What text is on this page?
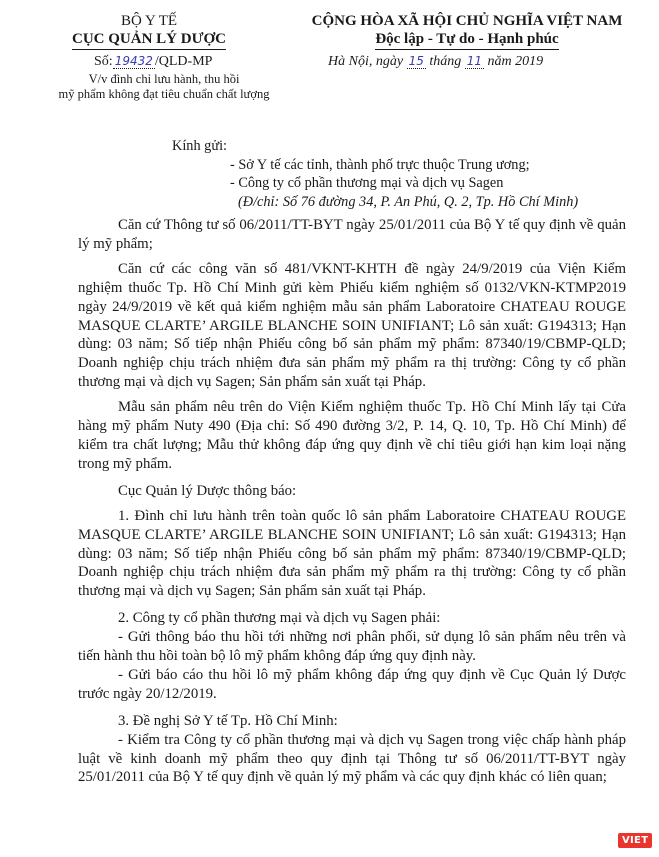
BỘ Y TẾ
CỤC QUẢN LÝ DƯỢC
Số: 19432 /QLD-MP
V/v đình chỉ lưu hành, thu hồi
mỹ phẩm không đạt tiêu chuẩn chất lượng
CỘNG HÒA XÃ HỘI CHỦ NGHĨA VIỆT NAM
Độc lập - Tự do - Hạnh phúc
Hà Nội, ngày 15 tháng 11 năm 2019
Kính gửi:
- Sở Y tế các tỉnh, thành phố trực thuộc Trung ương;
- Công ty cổ phần thương mại và dịch vụ Sagen
(Đ/chỉ: Số 76 đường 34, P. An Phú, Q. 2, Tp. Hồ Chí Minh)

Căn cứ Thông tư số 06/2011/TT-BYT ngày 25/01/2011 của Bộ Y tế quy định về quản lý mỹ phẩm;

Căn cứ các công văn số 481/VKNT-KHTH đề ngày 24/9/2019 của Viện Kiểm nghiệm thuốc Tp. Hồ Chí Minh gửi kèm Phiếu kiểm nghiệm số 0132/VKN-KTMP2019 ngày 24/9/2019 về kết quả kiểm nghiệm mẫu sản phẩm Laboratoire CHATEAU ROUGE MASQUE CLARTE’ ARGILE BLANCHE SOIN UNIFIANT; Lô sản xuất: G194313; Hạn dùng: 03 năm; Số tiếp nhận Phiếu công bố sản phẩm mỹ phẩm: 87340/19/CBMP-QLD; Doanh nghiệp chịu trách nhiệm đưa sản phẩm mỹ phẩm ra thị trường: Công ty cổ phần thương mại và dịch vụ Sagen; Sản phẩm sản xuất tại Pháp.

Mẫu sản phẩm nêu trên do Viện Kiểm nghiệm thuốc Tp. Hồ Chí Minh lấy tại Cửa hàng mỹ phẩm Nuty 490 (Địa chỉ: Số 490 đường 3/2, P. 14, Q. 10, Tp. Hồ Chí Minh) để kiểm tra chất lượng; Mẫu thử không đáp ứng quy định về chỉ tiêu giới hạn kim loại nặng trong mỹ phẩm.

Cục Quản lý Dược thông báo:

1. Đình chỉ lưu hành trên toàn quốc lô sản phẩm Laboratoire CHATEAU ROUGE MASQUE CLARTE’ ARGILE BLANCHE SOIN UNIFIANT; Lô sản xuất: G194313; Hạn dùng: 03 năm; Số tiếp nhận Phiếu công bố sản phẩm mỹ phẩm: 87340/19/CBMP-QLD; Doanh nghiệp chịu trách nhiệm đưa sản phẩm mỹ phẩm ra thị trường: Công ty cổ phần thương mại và dịch vụ Sagen; Sản phẩm sản xuất tại Pháp.

2. Công ty cổ phần thương mại và dịch vụ Sagen phải:

- Gửi thông báo thu hồi tới những nơi phân phối, sử dụng lô sản phẩm nêu trên và tiến hành thu hồi toàn bộ lô mỹ phẩm không đáp ứng quy định này.

- Gửi báo cáo thu hồi lô mỹ phẩm không đáp ứng quy định về Cục Quản lý Dược trước ngày 20/12/2019.

3. Đề nghị Sở Y tế Tp. Hồ Chí Minh:

- Kiểm tra Công ty cổ phần thương mại và dịch vụ Sagen trong việc chấp hành pháp luật về kinh doanh mỹ phẩm theo quy định tại Thông tư số 06/2011/TT-BYT ngày 25/01/2011 của Bộ Y tế quy định về quản lý mỹ phẩm và các quy định khác có liên quan;

VIET
